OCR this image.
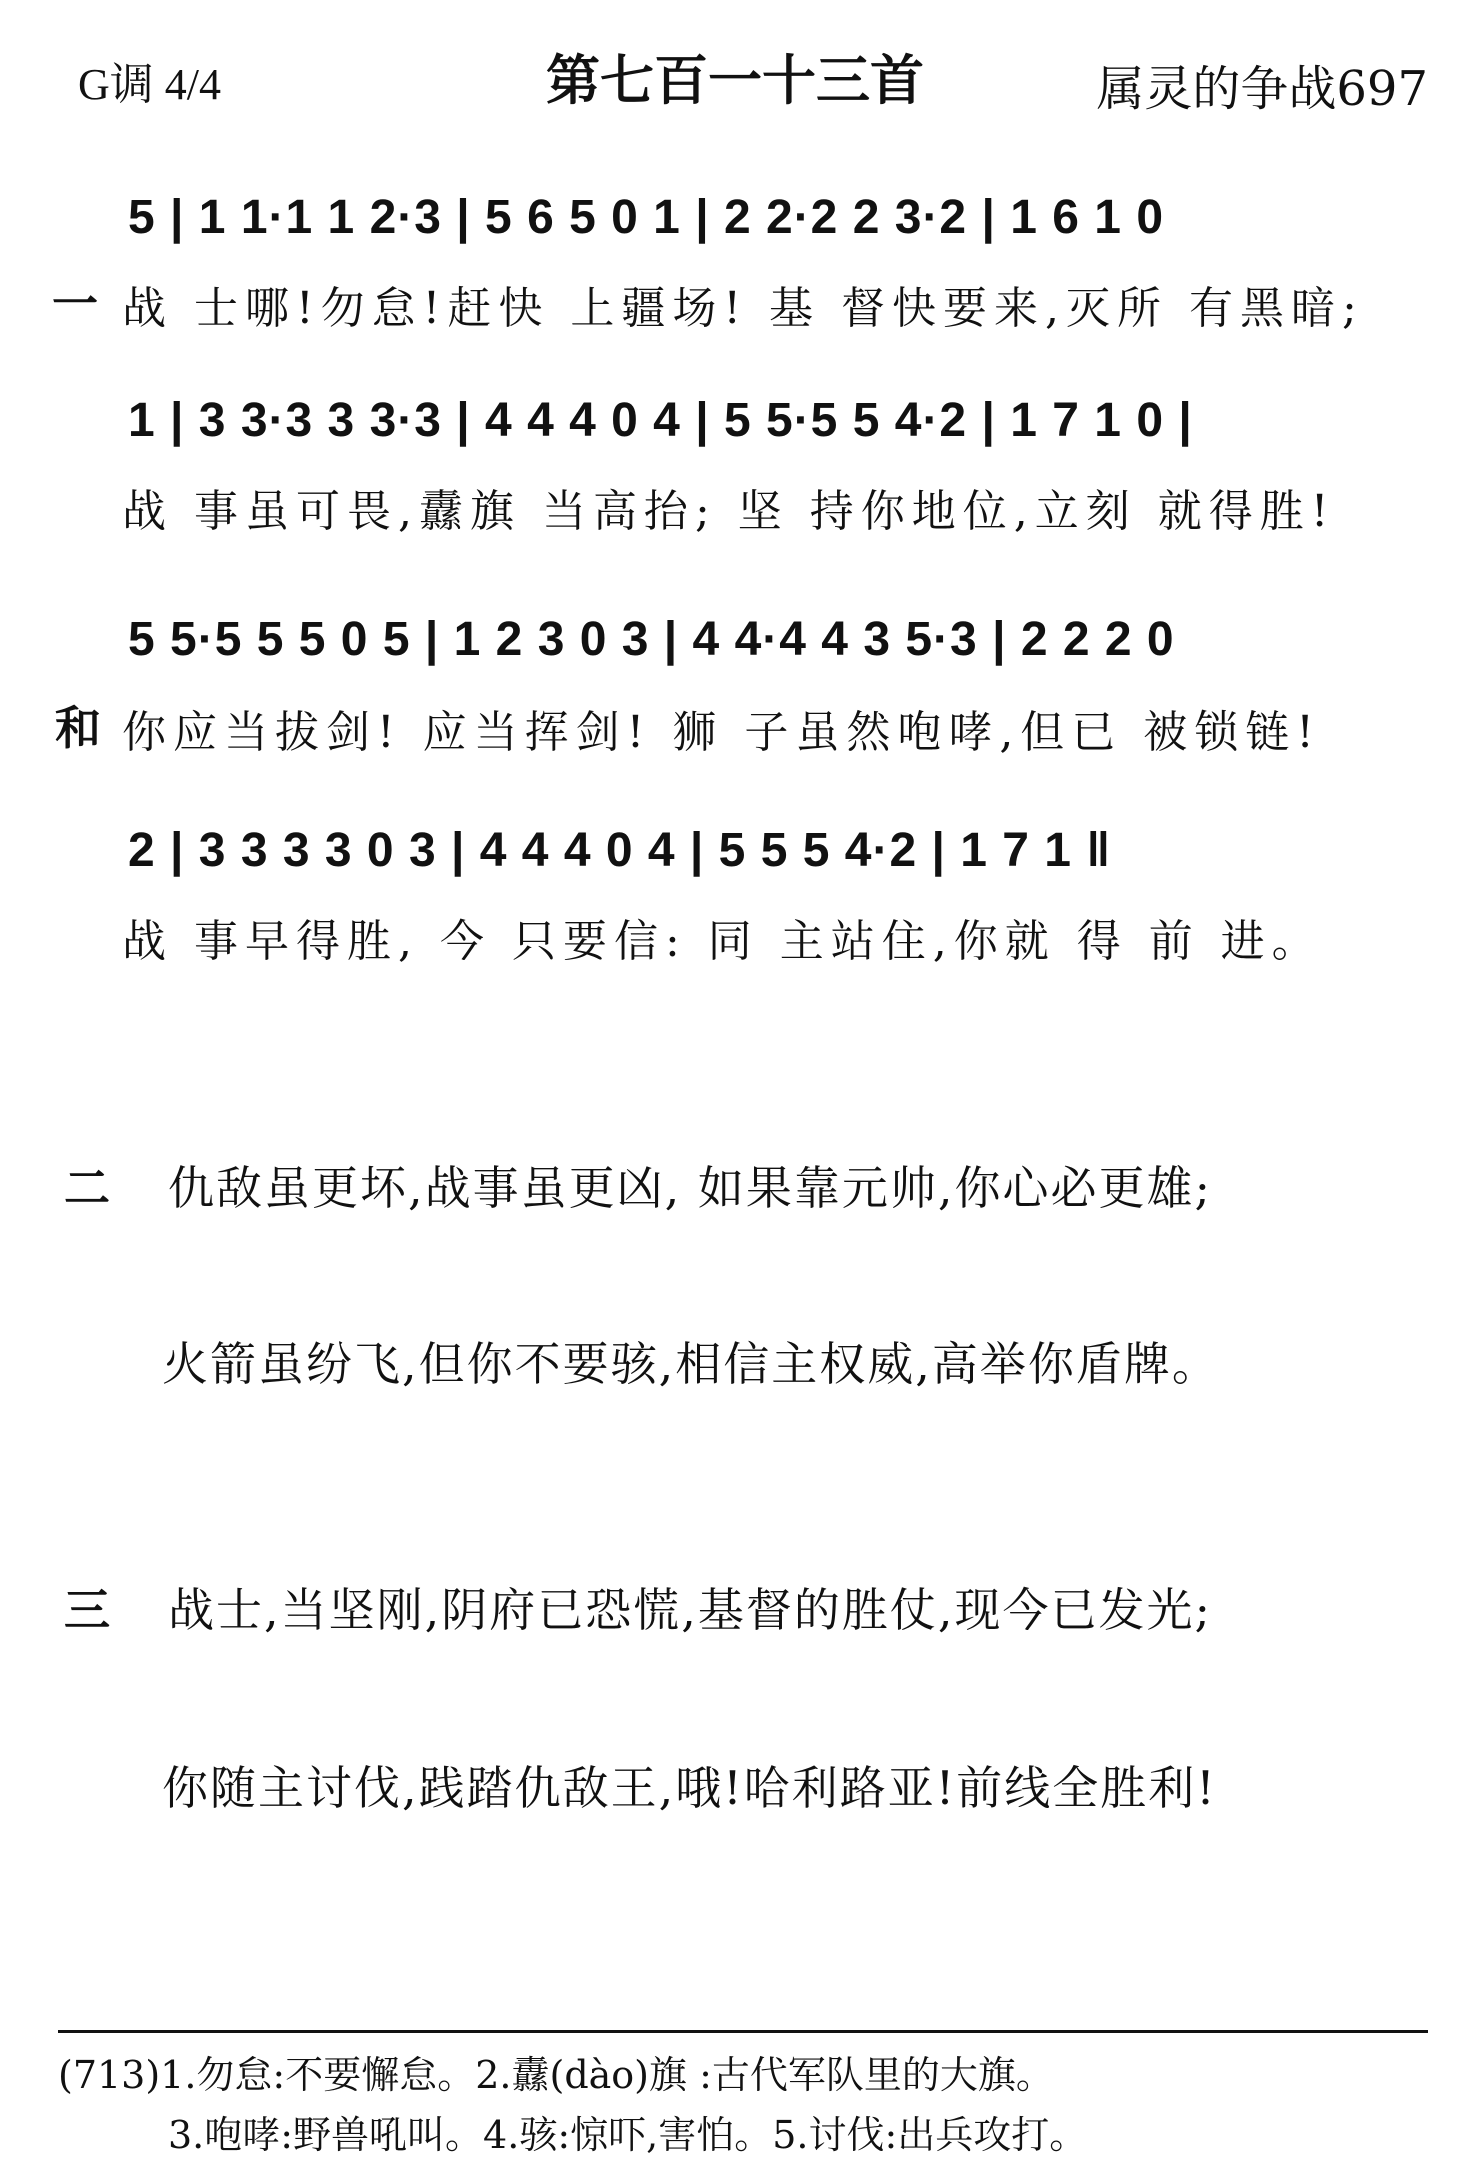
G调 4/4	第七百一十三首	属灵的争战697
5 | 1 1·1 1 2·3 | 5 6 5 0 1 | 2 2·2 2 3·2 | 1 6 1 0
一 战 士哪!勿怠!赶快 上疆场! 基 督快要来,灭所 有黑暗;
1 | 3 3·3 3 3·3 | 4 4 4 0 4 | 5 5·5 5 4·2 | 1 7 1 0 |
战 事虽可畏,纛旗 当高抬; 坚 持你地位,立刻 就得胜!
5 5·5 5 5 0 5 | 1 2 3 0 3 | 4 4·4 4 3 5·3 | 2 2 2 0
和 你应当拔剑! 应当挥剑! 狮 子虽然咆哮,但已 被锁链!
2 | 3 3 3 3 0 3 | 4 4 4 0 4 | 5 5 5 4·2 | 1 7 1 ‖
战 事早得胜, 今 只要信: 同 主站住,你就 得 前 进。
二 仇敌虽更坏,战事虽更凶, 如果靠元帅,你心必更雄;
火箭虽纷飞,但你不要骇,相信主权威,高举你盾牌。
三 战士,当坚刚,阴府已恐慌,基督的胜仗,现今已发光;
你随主讨伐,践踏仇敌王,哦!哈利路亚!前线全胜利!
(713)1.勿怠:不要懈怠。2.纛(dào)旗 :古代军队里的大旗。
3.咆哮:野兽吼叫。4.骇:惊吓,害怕。5.讨伐:出兵攻打。
